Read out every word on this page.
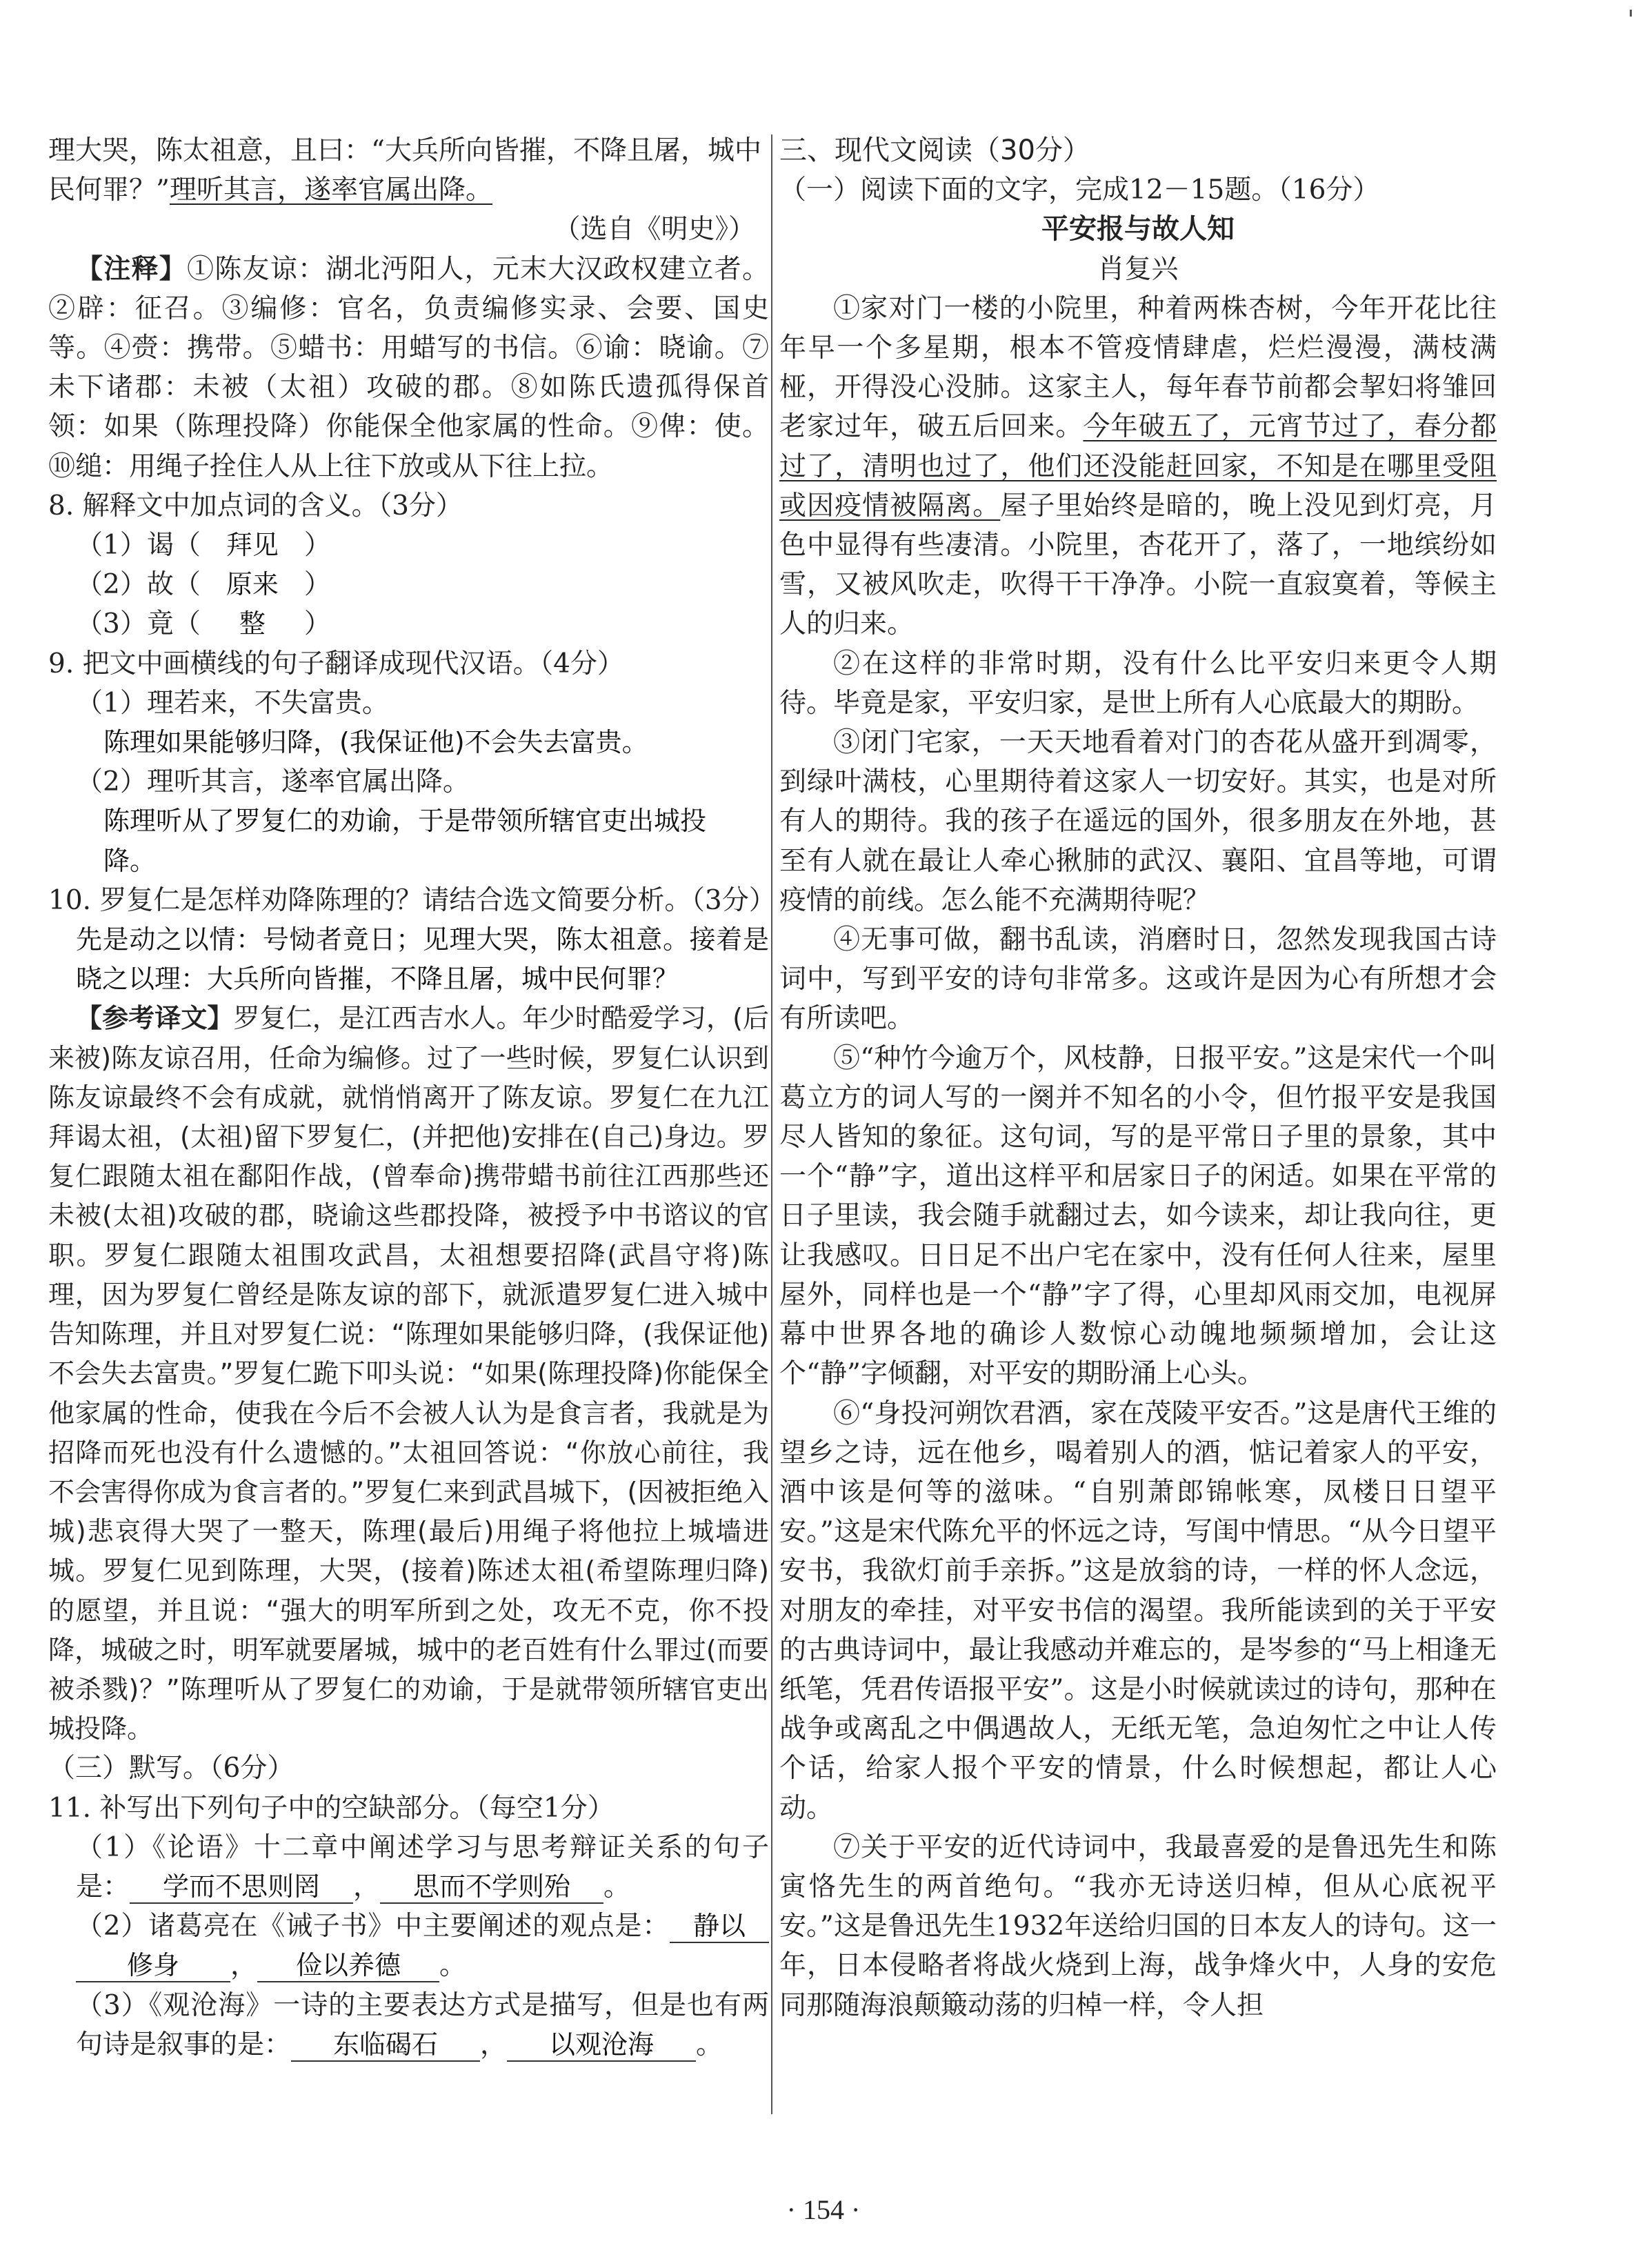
理大哭，陈太祖意，且曰：“大兵所向皆摧，不降且屠，城中

民何罪？”理听其言，遂率官属出降。

（选自《明史》）

【注释】①陈友谅：湖北沔阳人，元末大汉政权建立者。②辟：征召。③编修：官名，负责编修实录、会要、国史等。④赍：携带。⑤蜡书：用蜡写的书信。⑥谕：晓谕。⑦未下诸郡：未被（太祖）攻破的郡。⑧如陈氏遗孤得保首领：如果（陈理投降）你能保全他家属的性命。⑨俾：使。⑩缒：用绳子拴住人从上往下放或从下往上拉。

8. 解释文中加点词的含义。（3分）

（1）谒（ 拜见 ）

（2）故（ 原来 ）

（3）竟（ 整 ）

9. 把文中画横线的句子翻译成现代汉语。（4分）

（1）理若来，不失富贵。

陈理如果能够归降，(我保证他)不会失去富贵。

（2）理听其言，遂率官属出降。

陈理听从了罗复仁的劝谕，于是带领所辖官吏出城投降。

10. 罗复仁是怎样劝降陈理的？请结合选文简要分析。（3分）

先是动之以情：号恸者竟日；见理大哭，陈太祖意。接着是晓之以理：大兵所向皆摧，不降且屠，城中民何罪？

【参考译文】罗复仁，是江西吉水人。年少时酷爱学习，(后来被)陈友谅召用，任命为编修。过了一些时候，罗复仁认识到陈友谅最终不会有成就，就悄悄离开了陈友谅。罗复仁在九江拜谒太祖，(太祖)留下罗复仁，(并把他)安排在(自己)身边。罗复仁跟随太祖在鄱阳作战，(曾奉命)携带蜡书前往江西那些还未被(太祖)攻破的郡，晓谕这些郡投降，被授予中书谘议的官职。罗复仁跟随太祖围攻武昌，太祖想要招降(武昌守将)陈理，因为罗复仁曾经是陈友谅的部下，就派遣罗复仁进入城中告知陈理，并且对罗复仁说：“陈理如果能够归降，(我保证他)不会失去富贵。”罗复仁跪下叩头说：“如果(陈理投降)你能保全他家属的性命，使我在今后不会被人认为是食言者，我就是为招降而死也没有什么遗憾的。”太祖回答说：“你放心前往，我不会害得你成为食言者的。”罗复仁来到武昌城下，(因被拒绝入城)悲哀得大哭了一整天，陈理(最后)用绳子将他拉上城墙进城。罗复仁见到陈理，大哭，(接着)陈述太祖(希望陈理归降)的愿望，并且说：“强大的明军所到之处，攻无不克，你不投降，城破之时，明军就要屠城，城中的老百姓有什么罪过(而要被杀戮)？”陈理听从了罗复仁的劝谕，于是就带领所辖官吏出城投降。

（三）默写。（6分）

11. 补写出下列句子中的空缺部分。（每空1分）

（1）《论语》十二章中阐述学习与思考辩证关系的句子是： 学而不思则罔 ， 思而不学则殆 。

（2）诸葛亮在《诫子书》中主要阐述的观点是： 静以修身 ， 俭以养德 。

（3）《观沧海》一诗的主要表达方式是描写，但是也有两句诗是叙事的是： 东临碣石 ， 以观沧海 。

三、现代文阅读（30分）

（一）阅读下面的文字，完成12－15题。（16分）

平安报与故人知

肖复兴

①家对门一楼的小院里，种着两株杏树，今年开花比往年早一个多星期，根本不管疫情肆虐，烂烂漫漫，满枝满桠，开得没心没肺。这家主人，每年春节前都会挈妇将雏回老家过年，破五后回来。今年破五了，元宵节过了，春分都过了，清明也过了，他们还没能赶回家，不知是在哪里受阻或因疫情被隔离。屋子里始终是暗的，晚上没见到灯亮，月色中显得有些凄清。小院里，杏花开了，落了，一地缤纷如雪，又被风吹走，吹得干干净净。小院一直寂寞着，等候主人的归来。

②在这样的非常时期，没有什么比平安归来更令人期待。毕竟是家，平安归家，是世上所有人心底最大的期盼。

③闭门宅家，一天天地看着对门的杏花从盛开到凋零，到绿叶满枝，心里期待着这家人一切安好。其实，也是对所有人的期待。我的孩子在遥远的国外，很多朋友在外地，甚至有人就在最让人牵心揪肺的武汉、襄阳、宜昌等地，可谓疫情的前线。怎么能不充满期待呢？

④无事可做，翻书乱读，消磨时日，忽然发现我国古诗词中，写到平安的诗句非常多。这或许是因为心有所想才会有所读吧。

⑤“种竹今逾万个，风枝静，日报平安。”这是宋代一个叫葛立方的词人写的一阕并不知名的小令，但竹报平安是我国尽人皆知的象征。这句词，写的是平常日子里的景象，其中一个“静”字，道出这样平和居家日子的闲适。如果在平常的日子里读，我会随手就翻过去，如今读来，却让我向往，更让我感叹。日日足不出户宅在家中，没有任何人往来，屋里屋外，同样也是一个“静”字了得，心里却风雨交加，电视屏幕中世界各地的确诊人数惊心动魄地频频增加，会让这个“静”字倾翻，对平安的期盼涌上心头。

⑥“身投河朔饮君酒，家在茂陵平安否。”这是唐代王维的望乡之诗，远在他乡，喝着别人的酒，惦记着家人的平安，酒中该是何等的滋味。“自别萧郎锦帐寒，凤楼日日望平安。”这是宋代陈允平的怀远之诗，写闺中情思。“从今日望平安书，我欲灯前手亲拆。”这是放翁的诗，一样的怀人念远，对朋友的牵挂，对平安书信的渴望。我所能读到的关于平安的古典诗词中，最让我感动并难忘的，是岑参的“马上相逢无纸笔，凭君传语报平安”。这是小时候就读过的诗句，那种在战争或离乱之中偶遇故人，无纸无笔，急迫匆忙之中让人传个话，给家人报个平安的情景，什么时候想起，都让人心动。

⑦关于平安的近代诗词中，我最喜爱的是鲁迅先生和陈寅恪先生的两首绝句。“我亦无诗送归棹，但从心底祝平安。”这是鲁迅先生1932年送给归国的日本友人的诗句。这一年，日本侵略者将战火烧到上海，战争烽火中，人身的安危同那随海浪颠簸动荡的归棹一样，令人担

· 154 ·
